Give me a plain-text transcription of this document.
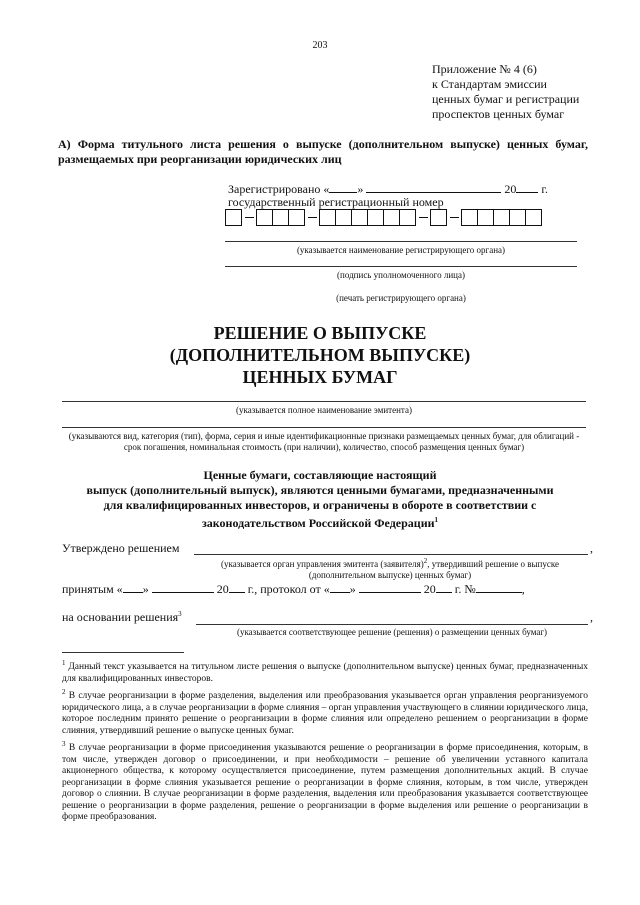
203
Приложение № 4 (6)
к Стандартам эмиссии
ценных бумаг и регистрации
проспектов ценных бумаг
А) Форма титульного листа решения о выпуске (дополнительном выпуске) ценных бумаг, размещаемых при реорганизации юридических лиц
Зарегистрировано « »	20 г.
государственный регистрационный номер
(указывается наименование регистрирующего органа)
(подпись уполномоченного лица)
(печать регистрирующего органа)
РЕШЕНИЕ О ВЫПУСКЕ
(ДОПОЛНИТЕЛЬНОМ ВЫПУСКЕ)
ЦЕННЫХ БУМАГ
(указывается полное наименование эмитента)
(указываются вид, категория (тип), форма, серия и иные идентификационные признаки размещаемых ценных бумаг, для облигаций - срок погашения, номинальная стоимость (при наличии), количество, способ размещения ценных бумаг)
Ценные бумаги, составляющие настоящий
выпуск (дополнительный выпуск), являются ценными бумагами, предназначенными
для квалифицированных инвесторов, и ограничены в обороте в соответствии с
законодательством Российской Федерации$^1$
Утверждено решением	,
(указывается орган управления эмитента (заявителя)$^2$, утвердивший решение о выпуске
(дополнительном выпуске) ценных бумаг)
принятым « »	20 г., протокол от « »	20 г. №	,
на основании решения$^3$	,
(указывается соответствующее решение (решения) о размещении ценных бумаг)
$^1$ Данный текст указывается на титульном листе решения о выпуске (дополнительном выпуске) ценных бумаг, предназначенных для квалифицированных инвесторов.
$^2$ В случае реорганизации в форме разделения, выделения или преобразования указывается орган управления реорганизуемого юридического лица, а в случае реорганизации в форме слияния – орган управления участвующего в слиянии юридического лица, которое последним принято решение о реорганизации в форме слияния или определено решением о реорганизации в форме слияния, утвердивший решение о выпуске ценных бумаг.
$^3$ В случае реорганизации в форме присоединения указываются решение о реорганизации в форме присоединения, которым, в том числе, утвержден договор о присоединении, и при необходимости – решение об увеличении уставного капитала акционерного общества, к которому осуществляется присоединение, путем размещения дополнительных акций. В случае реорганизации в форме слияния указывается решение о реорганизации в форме слияния, которым, в том числе, утвержден договор о слиянии. В случае реорганизации в форме разделения, выделения или преобразования указывается соответствующее решение о реорганизации в форме разделения, решение о реорганизации в форме выделения или решение о реорганизации в форме преобразования.
